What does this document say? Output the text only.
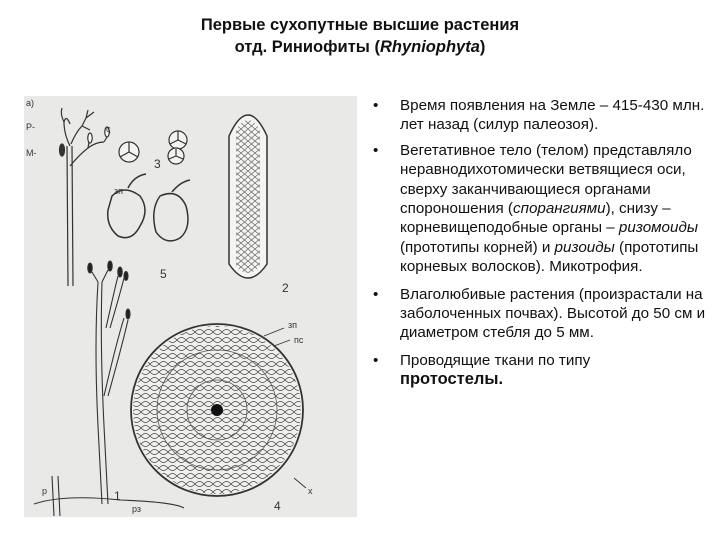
Первые сухопутные высшие растения
отд. Риниофиты (Rhyniophyta)
а)
Р-
М-
с
зп
зп
пс
х
р
рз
3
5
2
1
4
• Время появления на Земле – 415-430 млн. лет назад (силур палеозоя).
• Вегетативное тело (телом) представляло неравнодихотомически ветвящиеся оси, сверху заканчивающиеся органами спороношения (спорангиями), снизу – корневищеподобные органы – ризомоиды (прототипы корней) и ризоиды (прототипы корневых волосков). Микотрофия.
• Влаголюбивые растения (произрастали на заболоченных почвах). Высотой до 50 см и диаметром стебля до 5 мм.
• Проводящие ткани по типу
протостелы.
